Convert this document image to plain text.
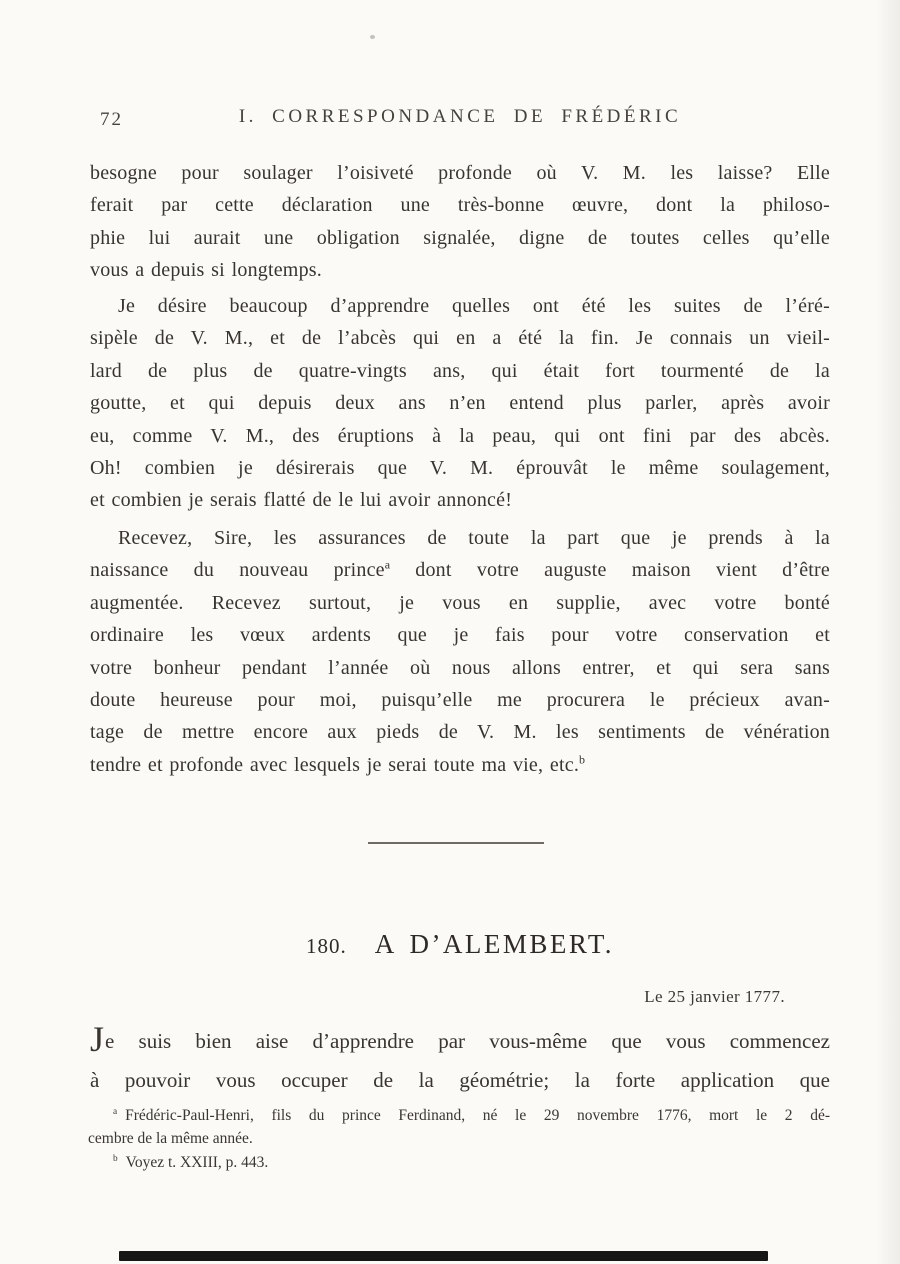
72	I. CORRESPONDANCE DE FRÉDÉRIC
besogne pour soulager l’oisiveté profonde où V. M. les laisse? Elle
ferait par cette déclaration une très-bonne œuvre, dont la philoso-
phie lui aurait une obligation signalée, digne de toutes celles qu’elle
vous a depuis si longtemps.
Je désire beaucoup d’apprendre quelles ont été les suites de l’éré-
sipèle de V. M., et de l’abcès qui en a été la fin. Je connais un vieil-
lard de plus de quatre-vingts ans, qui était fort tourmenté de la
goutte, et qui depuis deux ans n’en entend plus parler, après avoir
eu, comme V. M., des éruptions à la peau, qui ont fini par des abcès.
Oh! combien je désirerais que V. M. éprouvât le même soulagement,
et combien je serais flatté de le lui avoir annoncé!
Recevez, Sire, les assurances de toute la part que je prends à la
naissance du nouveau prince$^a$ dont votre auguste maison vient d’être
augmentée. Recevez surtout, je vous en supplie, avec votre bonté
ordinaire les vœux ardents que je fais pour votre conservation et
votre bonheur pendant l’année où nous allons entrer, et qui sera sans
doute heureuse pour moi, puisqu’elle me procurera le précieux avan-
tage de mettre encore aux pieds de V. M. les sentiments de vénération
tendre et profonde avec lesquels je serai toute ma vie, etc.$^b$
180. A D’ALEMBERT.
Le 25 janvier 1777.
Je suis bien aise d’apprendre par vous-même que vous commencez
à pouvoir vous occuper de la géométrie; la forte application que
$^a$ Frédéric-Paul-Henri, fils du prince Ferdinand, né le 29 novembre 1776, mort le 2 dé-
cembre de la même année.
$^b$ Voyez t. XXIII, p. 443.
